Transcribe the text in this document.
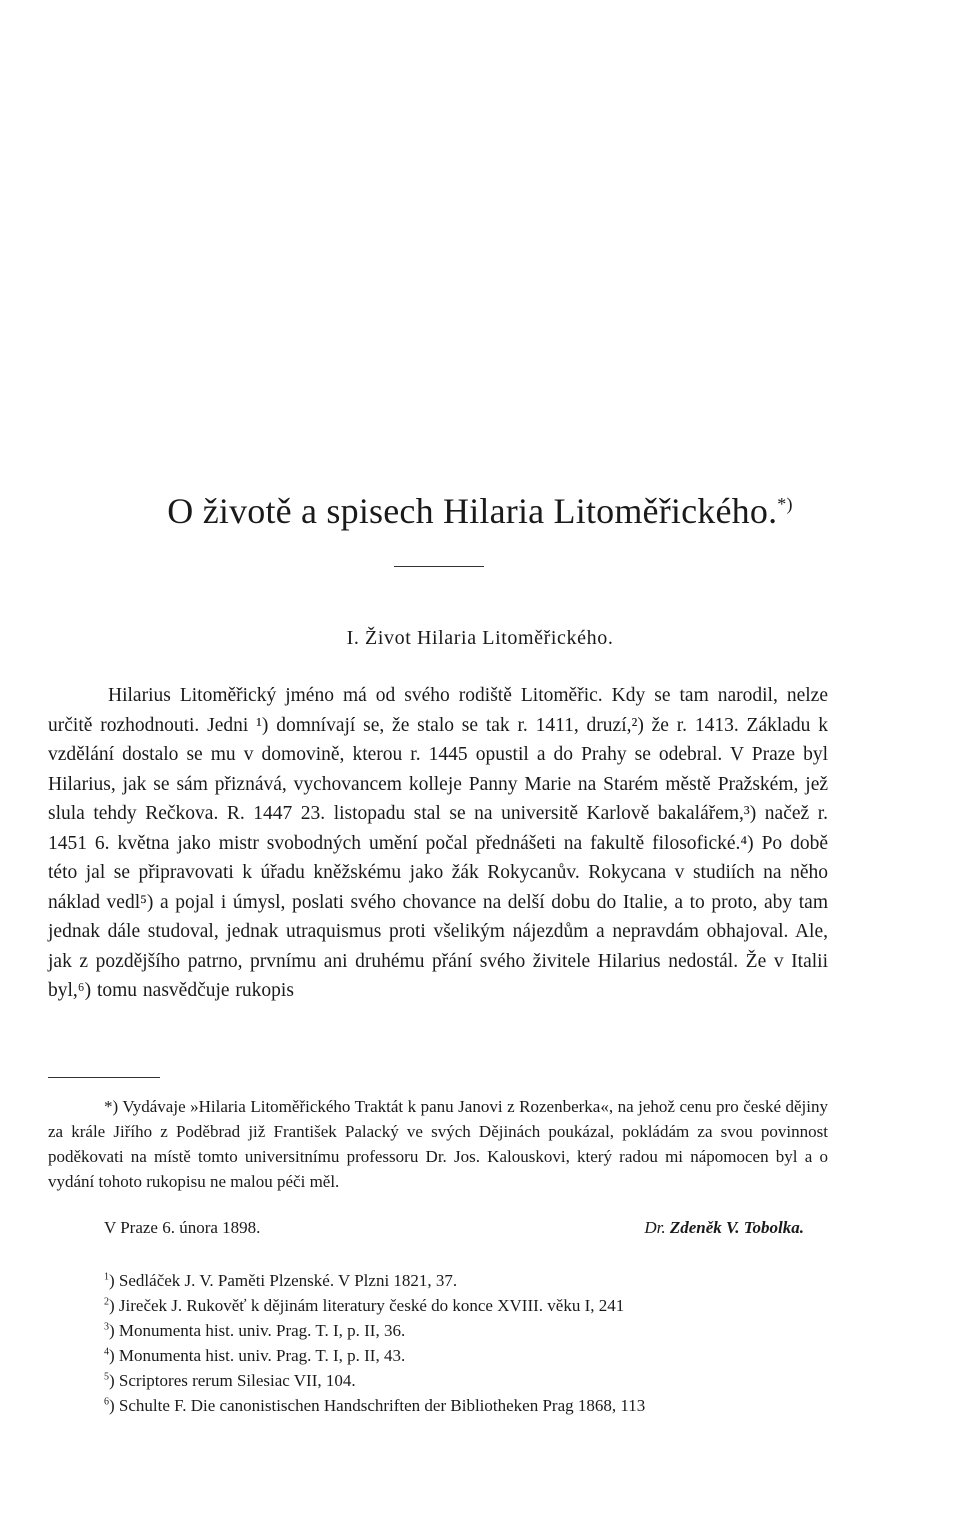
O životě a spisech Hilaria Litoměřického.*)
I. Život Hilaria Litoměřického.

Hilarius Litoměřický jméno má od svého rodiště Litoměřic. Kdy se tam narodil, nelze určitě rozhodnouti. Jedni ¹) domnívají se, že stalo se tak r. 1411, druzí,²) že r. 1413. Základu k vzdělání dostalo se mu v domovině, kterou r. 1445 opustil a do Prahy se odebral. V Praze byl Hilarius, jak se sám přiznává, vychovancem kolleje Panny Marie na Starém městě Pražském, jež slula tehdy Rečkova. R. 1447 23. listopadu stal se na universitě Karlově bakalářem,³) načež r. 1451 6. května jako mistr svobodných umění počal přednášeti na fakultě filosofické.⁴) Po době této jal se připravovati k úřadu kněžskému jako žák Rokycanův. Rokycana v studiích na něho náklad vedl⁵) a pojal i úmysl, poslati svého chovance na delší dobu do Italie, a to proto, aby tam jednak dále studoval, jednak utraquismus proti všelikým nájezdům a nepravdám obhajoval. Ale, jak z pozdějšího patrno, prvnímu ani druhému přání svého živitele Hilarius nedostál. Že v Italii byl,⁶) tomu nasvědčuje rukopis

*) Vydávaje »Hilaria Litoměřického Traktát k panu Janovi z Rozenberka«, na jehož cenu pro české dějiny za krále Jiřího z Poděbrad již František Palacký ve svých Dějinách poukázal, pokládám za svou povinnost poděkovati na místě tomto universitnímu professoru Dr. Jos. Kalouskovi, který radou mi nápomocen byl a o vydání tohoto rukopisu ne malou péči měl.

V Praze 6. února 1898.	Dr. Zdeněk V. Tobolka.
$^1$) Sedláček J. V. Paměti Plzenské. V Plzni 1821, 37.
$^2$) Jireček J. Rukověť k dějinám literatury české do konce XVIII. věku I, 241
$^3$) Monumenta hist. univ. Prag. T. I, p. II, 36.
$^4$) Monumenta hist. univ. Prag. T. I, p. II, 43.
$^5$) Scriptores rerum Silesiac VII, 104.
$^6$) Schulte F. Die canonistischen Handschriften der Bibliotheken Prag 1868, 113
